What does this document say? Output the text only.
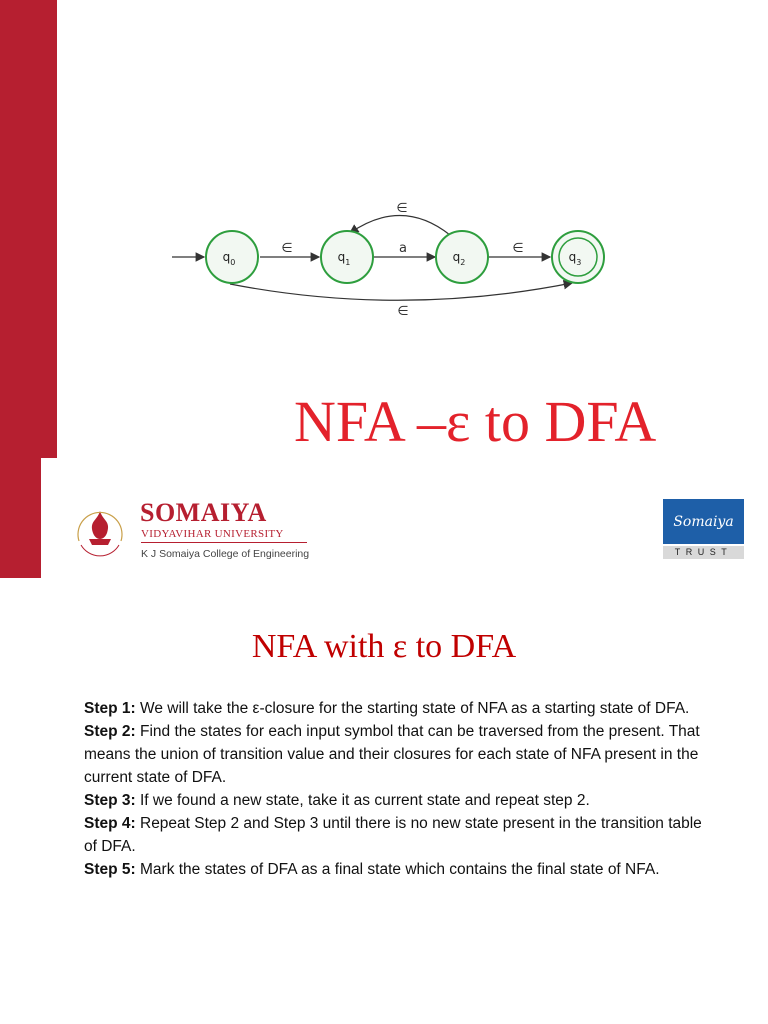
∈	a	∈
∈
∈
$q_0$	$q_1$	$q_2$	$q_3$
NFA –ε to DFA
SOMAIYA
VIDYAVIHAR UNIVERSITY
K J Somaiya College of Engineering
Somaiya
TRUST
NFA with ε to DFA

Step 1: We will take the ε-closure for the starting state of NFA as a starting state of DFA.

Step 2: Find the states for each input symbol that can be traversed from the present. That means the union of transition value and their closures for each state of NFA present in the current state of DFA.

Step 3: If we found a new state, take it as current state and repeat step 2.

Step 4: Repeat Step 2 and Step 3 until there is no new state present in the transition table of DFA.

Step 5: Mark the states of DFA as a final state which contains the final state of NFA.
